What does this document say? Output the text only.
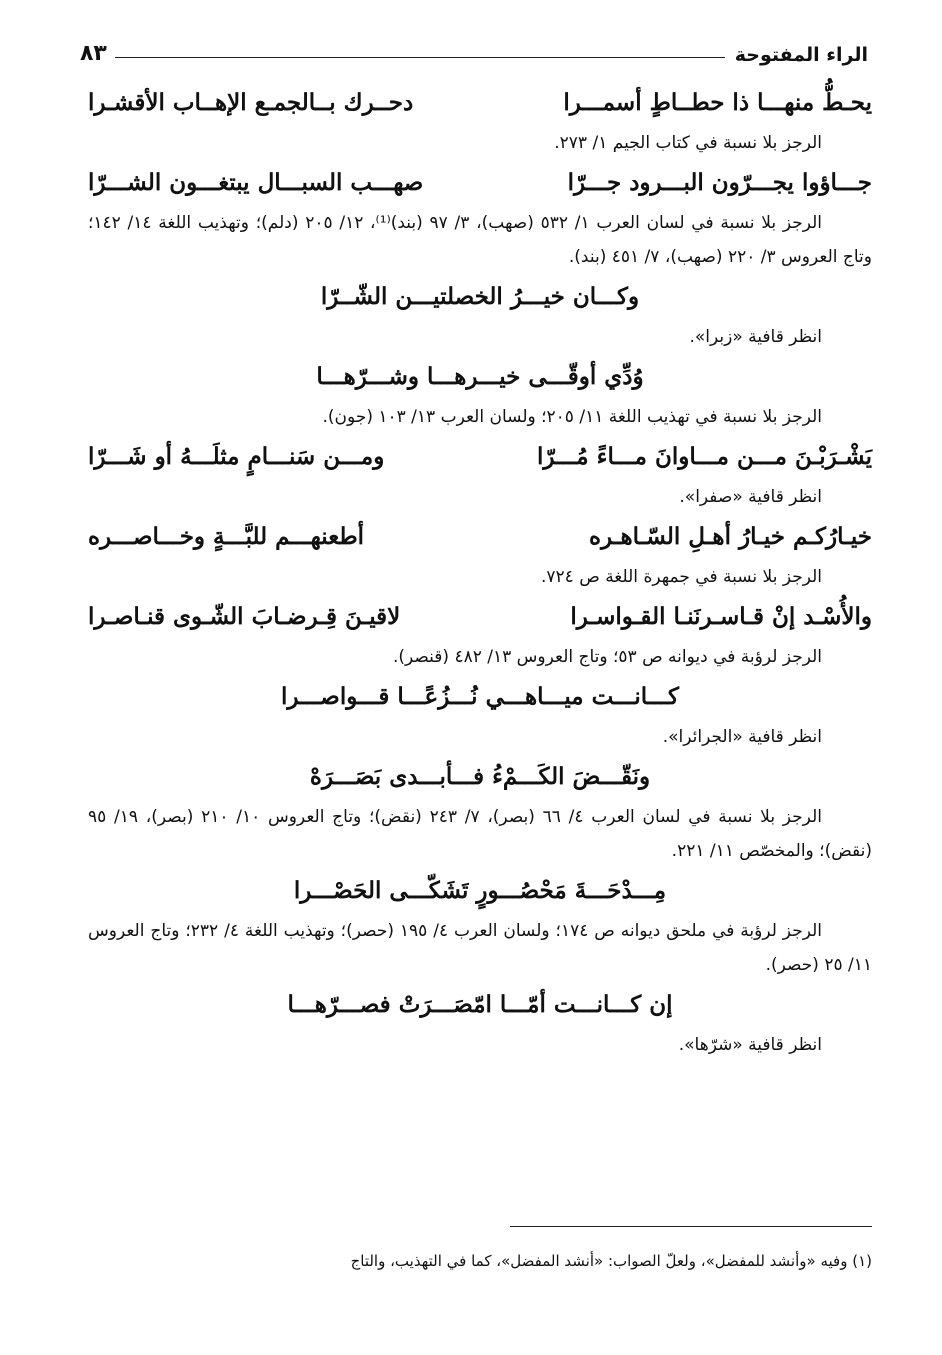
الراء المفتوحة
٨٣
يحـطُّ منهـــا ذا حطــاطٍ أسمـــرا
دحــرك بــالجمـع الإهــاب الأقشـرا
الرجز بلا نسبة في كتاب الجيم ١/ ٢٧٣.
جـــاؤوا يجـــرّون البـــرود جـــرّا
صهـــب السبـــال يبتغـــون الشـــرّا
الرجز بلا نسبة في لسان العرب ١/ ٥٣٢ (صهب)، ٣/ ٩٧ (بند)⁽¹⁾، ١٢/ ٢٠٥ (دلم)؛ وتهذيب اللغة ١٤/ ١٤٢؛ وتاج العروس ٣/ ٢٢٠ (صهب)، ٧/ ٤٥١ (بند).
وكـــان خيـــرُ الخصلتيـــن الشّــرّا
انظر قافية «زبرا».
وُدِّي أوقّـــى خيـــرهـــا وشـــرّهـــا
الرجز بلا نسبة في تهذيب اللغة ١١/ ٢٠٥؛ ولسان العرب ١٣/ ١٠٣ (جون).
يَشْـرَبْـنَ مـــن مـــاوانَ مـــاءً مُـــرّا
ومـــن سَنـــامٍ مثلَـــهُ أو شَـــرّا
انظر قافية «صفرا».
خيـارُكـم خيـارُ أهـلِ السّـاهـره
أطعنهـــم للبَّـــةٍ وخـــاصـــره
الرجز بلا نسبة في جمهرة اللغة ص ٧٢٤.
والأُسْـد إنْ قـاسـرنَنـا القـواسـرا
لاقيـنَ قِـرضـابَ الشّـوى قنـاصـرا
الرجز لرؤبة في ديوانه ص ٥٣؛ وتاج العروس ١٣/ ٤٨٢ (قنصر).
كـــانـــت ميـــاهـــي نُـــزُعًـــا قـــواصـــرا
انظر قافية «الجرائرا».
ونَقّـــضَ الكَـــمْءُ فـــأبـــدى بَصَـــرَهْ
الرجز بلا نسبة في لسان العرب ٤/ ٦٦ (بصر)، ٧/ ٢٤٣ (نقض)؛ وتاج العروس ١٠/ ٢١٠ (بصر)، ١٩/ ٩٥ (نقض)؛ والمخصّص ١١/ ٢٢١.
مِـــدْحَـــةَ مَحْصُـــورٍ تَشَكّـــى الحَصْـــرا
الرجز لرؤبة في ملحق ديوانه ص ١٧٤؛ ولسان العرب ٤/ ١٩٥ (حصر)؛ وتهذيب اللغة ٤/ ٢٣٢؛ وتاج العروس ١١/ ٢٥ (حصر).
إن كـــانـــت أمّـــا امّصَـــرَتْ فصـــرّهـــا
انظر قافية «شرّها».
(١) وفيه «وأنشد للمفضل»، ولعلّ الصواب: «أنشد المفضل»، كما في التهذيب، والتاج
